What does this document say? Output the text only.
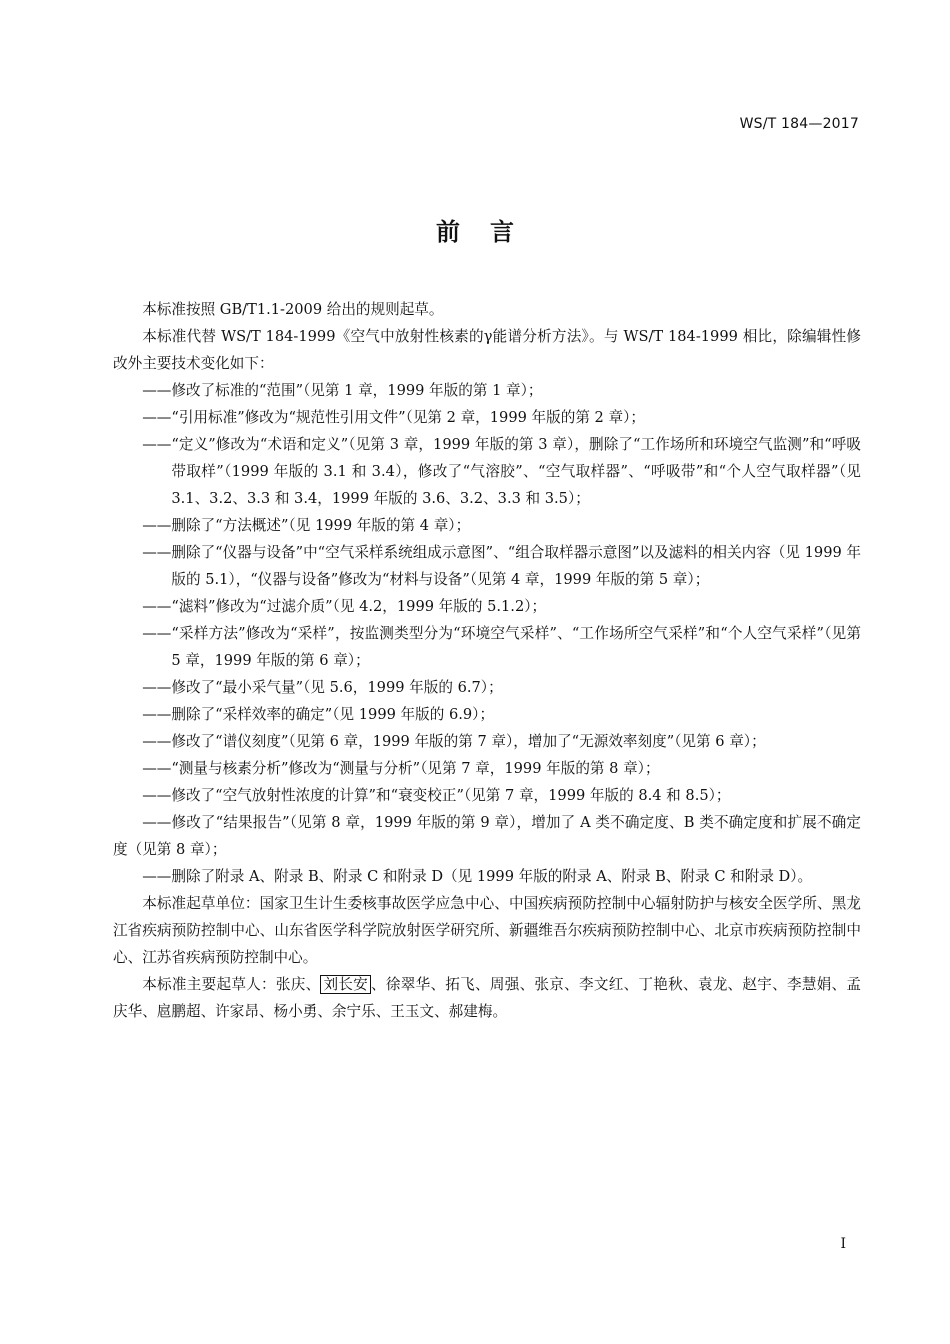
WS/T 184—2017
前言

本标准按照 GB/T1.1-2009 给出的规则起草。

本标准代替 WS/T 184-1999《空气中放射性核素的γ能谱分析方法》。与 WS/T 184-1999 相比，除编辑性修改外主要技术变化如下：

—— 修改了标准的“范围”（见第 1 章，1999 年版的第 1 章）；
—— “引用标准”修改为“规范性引用文件”（见第 2 章，1999 年版的第 2 章）；
—— “定义”修改为“术语和定义”（见第 3 章，1999 年版的第 3 章），删除了“工作场所和环境空气监测”和“呼吸带取样”（1999 年版的 3.1 和 3.4），修改了“气溶胶”、“空气取样器”、“呼吸带”和“个人空气取样器”（见 3.1、3.2、3.3 和 3.4，1999 年版的 3.6、3.2、3.3 和 3.5）；
—— 删除了“方法概述”（见 1999 年版的第 4 章）；
—— 删除了“仪器与设备”中“空气采样系统组成示意图”、“组合取样器示意图”以及滤料的相关内容（见 1999 年版的 5.1），“仪器与设备”修改为“材料与设备”（见第 4 章，1999 年版的第 5 章）；
—— “滤料”修改为“过滤介质”（见 4.2，1999 年版的 5.1.2）；
—— “采样方法”修改为“采样”，按监测类型分为“环境空气采样”、“工作场所空气采样”和“个人空气采样”（见第 5 章，1999 年版的第 6 章）；
—— 修改了“最小采气量”（见 5.6，1999 年版的 6.7）；
—— 删除了“采样效率的确定”（见 1999 年版的 6.9）；
—— 修改了“谱仪刻度”（见第 6 章，1999 年版的第 7 章），增加了“无源效率刻度”（见第 6 章）；
—— “测量与核素分析”修改为“测量与分析”（见第 7 章，1999 年版的第 8 章）；
—— 修改了“空气放射性浓度的计算”和“衰变校正”（见第 7 章，1999 年版的 8.4 和 8.5）；
——修改了“结果报告”（见第 8 章，1999 年版的第 9 章），增加了 A 类不确定度、B 类不确定度和扩展不确定度（见第 8 章）；
—— 删除了附录 A、附录 B、附录 C 和附录 D（见 1999 年版的附录 A、附录 B、附录 C 和附录 D）。

本标准起草单位：国家卫生计生委核事故医学应急中心、中国疾病预防控制中心辐射防护与核安全医学所、黑龙江省疾病预防控制中心、山东省医学科学院放射医学研究所、新疆维吾尔疾病预防控制中心、北京市疾病预防控制中心、江苏省疾病预防控制中心。

本标准主要起草人：张庆、 刘长安 、徐翠华、拓飞、周强、张京、李文红、丁艳秋、袁龙、赵宇、李慧娟、孟庆华、扈鹏超、许家昂、杨小勇、余宁乐、王玉文、郝建梅。

I
